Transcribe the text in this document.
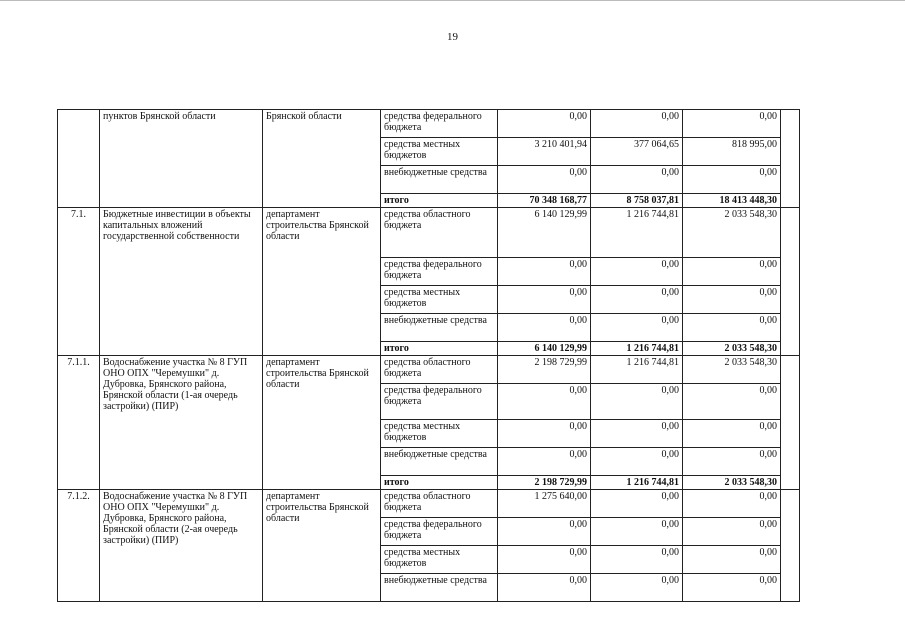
19
	пунктов Брянской области	Брянской области	средства федерального бюджета	0,00	0,00	0,00	
			средства местных бюджетов	3 210 401,94	377 064,65	818 995,00	
			внебюджетные средства	0,00	0,00	0,00	
			итого	70 348 168,77	8 758 037,81	18 413 448,30	
7.1.	Бюджетные инвестиции в объекты капитальных вложений государственной собственности	департамент строительства Брянской области	средства областного бюджета	6 140 129,99	1 216 744,81	2 033 548,30	
			средства федерального бюджета	0,00	0,00	0,00	
			средства местных бюджетов	0,00	0,00	0,00	
			внебюджетные средства	0,00	0,00	0,00	
			итого	6 140 129,99	1 216 744,81	2 033 548,30	
7.1.1.	Водоснабжение участка № 8 ГУП ОНО ОПХ "Черемушки" д. Дубровка, Брянского района, Брянской области (1-ая очередь застройки) (ПИР)	департамент строительства Брянской области	средства областного бюджета	2 198 729,99	1 216 744,81	2 033 548,30	
			средства федерального бюджета	0,00	0,00	0,00	
			средства местных бюджетов	0,00	0,00	0,00	
			внебюджетные средства	0,00	0,00	0,00	
			итого	2 198 729,99	1 216 744,81	2 033 548,30	
7.1.2.	Водоснабжение участка № 8 ГУП ОНО ОПХ "Черемушки" д. Дубровка, Брянского района, Брянской области (2-ая очередь застройки) (ПИР)	департамент строительства Брянской области	средства областного бюджета	1 275 640,00	0,00	0,00	
			средства федерального бюджета	0,00	0,00	0,00	
			средства местных бюджетов	0,00	0,00	0,00	
			внебюджетные средства	0,00	0,00	0,00	
